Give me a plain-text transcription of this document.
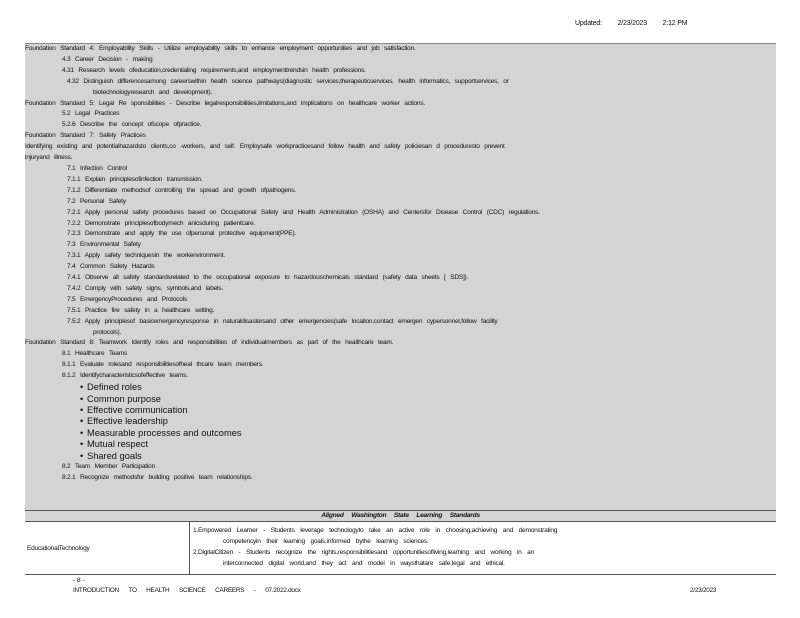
Updated: 2/23/2023 2:12 PM
Foundation Standard 4: Employability Skills - Utilize employability skills to enhance employment opportunities and job satisfaction.
4.3 Career Decision - making
4.31 Research levels ofeducation,credentialing requirements,and employmenttrendsin health professions.
4.32 Distinguish differencesamong careerswithin health science pathways(diagnostic services,therapeuticservices, health informatics, supportservices, or
biotechnologyresearch and development).
Foundation Standard 5: Legal Re sponsibilities - Describe legalresponsibilities,limitations,and implications on healthcare worker actions.
5.2 Legal Practices
5.2.6 Describe the concept ofscope ofpractice.
Foundation Standard 7: Safety Practices
Identifying existing and potentialhazardsto clients,co -workers, and self. Employsafe workpracticesand follow health and safety policiesan d proceduresto prevent
injuryand illness.
7.1 Infection Control
7.1.1 Explain principlesofinfection transmission.
7.1.2 Differentiate methodsof controlling the spread and growth ofpathogens.
7.2 Personal Safety
7.2.1 Apply personal safety procedures based on Occupational Safety and Health Administration (OSHA) and Centersfor Disease Control (CDC) regulations.
7.2.2 Demonstrate principlesofbodymech anicsduring patientcare.
7.2.3 Demonstrate and apply the use ofpersonal protective equipment(PPE).
7.3 Environmental Safety
7.3.1 Apply safety techniquesin the workenvironment.
7.4 Common Safety Hazards
7.4.1 Observe all safety standardsrelated to the occupational exposure to hazardouschemicals standard (safety data sheets [ SDS]).
7.4.2 Comply with safety signs, symbols,and labels.
7.5 EmergencyProcedures and Protocols
7.5.1 Practice fire safety in a healthcare setting.
7.5.2 Apply principlesof basicemergencyresponse in naturaldisastersand other emergencies(safe location,contact emergen cypersonnel,follow facility
protocols).
Foundation Standard 8: Teamwork Identify roles and responsibilities of individualmembers as part of the healthcare team.
8.1 Healthcare Teams
8.1.1 Evaluate rolesand responsibilitiesofheal thcare team members.
8.1.2 Identifycharacteristicsofeffective teams.
• Defined roles
• Common purpose
• Effective communication
• Effective leadership
• Measurable processes and outcomes
• Mutual respect
• Shared goals
8.2 Team Member Participation
8.2.1 Recognize methodsfor building positive team relationships.
Aligned Washington State Learning Standards
EducationalTechnology
1.Empowered Learner - Students leverage technologyto take an active role in choosing,achieving and demonstrating
competencyin their learning goals,informed bythe learning sciences.
2.DigitalCitizen - Students recognize the rights,responsibilitiesand opportunitiesofliving,learning and working in an
interconnected digital world,and they act and model in waysthatare safe,legal and ethical.
- 8 -
INTRODUCTION TO HEALTH SCIENCE CAREERS - 07.2022.docx	2/23/2023
